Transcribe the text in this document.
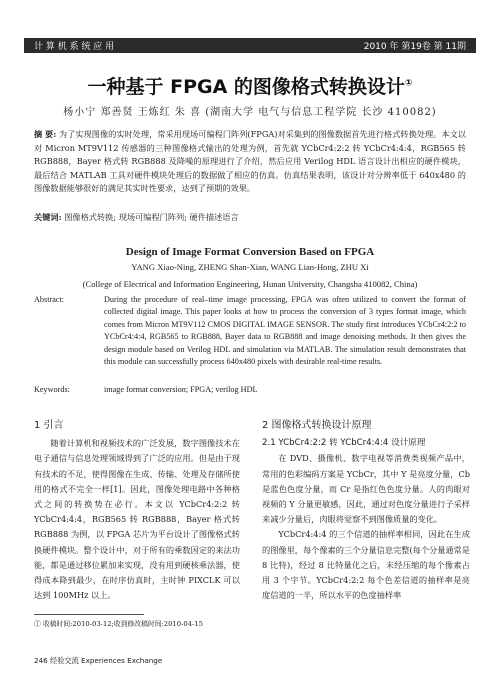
计 算 机 系 统 应 用	2010 年 第19卷 第 11期
一种基于 FPGA 的图像格式转换设计①
杨小宁 郑善贤 王炼红 朱 喜 (湖南大学 电气与信息工程学院 长沙 410082)
摘 要: 为了实现图像的实时处理，常采用现场可编程门阵列(FPGA)对采集到的图像数据首先进行格式转换处理。本文以对 Micron MT9V112 传感器的三种图像格式输出的处理为例，首先就 YCbCr4:2:2 转 YCbCr4:4:4，RGB565 转 RGB888，Bayer 格式转 RGB888 及降噪的原理进行了介绍，然后应用 Verilog HDL 语言设计出相应的硬件模块，最后结合 MATLAB 工具对硬件模块处理后的数据做了相应的仿真。仿真结果表明，该设计对分辨率低于 640x480 的图像数据能够很好的满足其实时性要求，达到了预期的效果。
关键词: 图像格式转换; 现场可编程门阵列; 硬件描述语言
Design of Image Format Conversion Based on FPGA
YANG Xiao-Ning, ZHENG Shan-Xian, WANG Lian-Hong, ZHU Xi
(College of Electrical and Information Engineering, Hunan University, Changsha 410082, China)
Abstract:	During the procedure of real–time image processing, FPGA was often utilized to convert the format of collected digital image. This paper looks at how to process the conversion of 3 types format image, which comes from Micron MT9V112 CMOS DIGITAL IMAGE SENSOR. The study first introduces YCbCr4:2:2 to YCbCr4:4:4, RGB565 to RGB888, Bayer data to RGB888 and image denoising methods. It then gives the design module based on Verilog HDL and simulation via MATLAB. The simulation result demonstrates that this module can successfully process 640x480 pixels with desirable real-time results.
Keywords:	image format conversion; FPGA; verilog HDL
1 引言
随着计算机和视频技术的广泛发展，数字图像技术在电子通信与信息处理领域得到了广泛的应用。但是由于现有技术的不足，使得图像在生成、传输、处理及存储所使用的格式不完全一样[1]。因此，图像处理电路中各种格式之间的转换势在必行。本文以 YCbCr4:2:2 转 YCbCr4:4:4，RGB565 转 RGB888，Bayer 格式转 RGB888 为例，以 FPGA 芯片为平台设计了图像格式转换硬件模块。整个设计中，对于所有的乘数因定的来法功能，都是通过移位累加来实现，没有用到硬核乘法器，使得成本降到最少，在时序仿真时，主时钟 PIXCLK 可以达到 100MHz 以上。
2 图像格式转换设计原理
2.1 YCbCr4:2:2 转 YCbCr4:4:4 设计原理
在 DVD、摄像机、数字电视等消费类视频产品中，常用的色彩编码方案是 YCbCr，其中 Y 是亮度分量，Cb 是蓝色色度分量，而 Cr 是指红色色度分量。人的肉眼对视频的 Y 分量更敏感，因此，通过对色度分量进行子采样来减少分量后，肉眼将觉察不到图像质量的变化。
YCbCr4:4:4 的三个信道的抽样率相同，因此在生成的图像里，每个像素的三个分量信息完整(每个分量通常是 8 比特)，经过 8 比特量化之后，未经压缩的每个像素占用 3 个字节。YCbCr4:2:2 每个色差信道的抽样率是亮度信道的一半，所以水平的色度抽样率
① 收稿时间:2010-03-12;收到修改稿时间:2010-04-15
246 经验交流 Experiences Exchange
